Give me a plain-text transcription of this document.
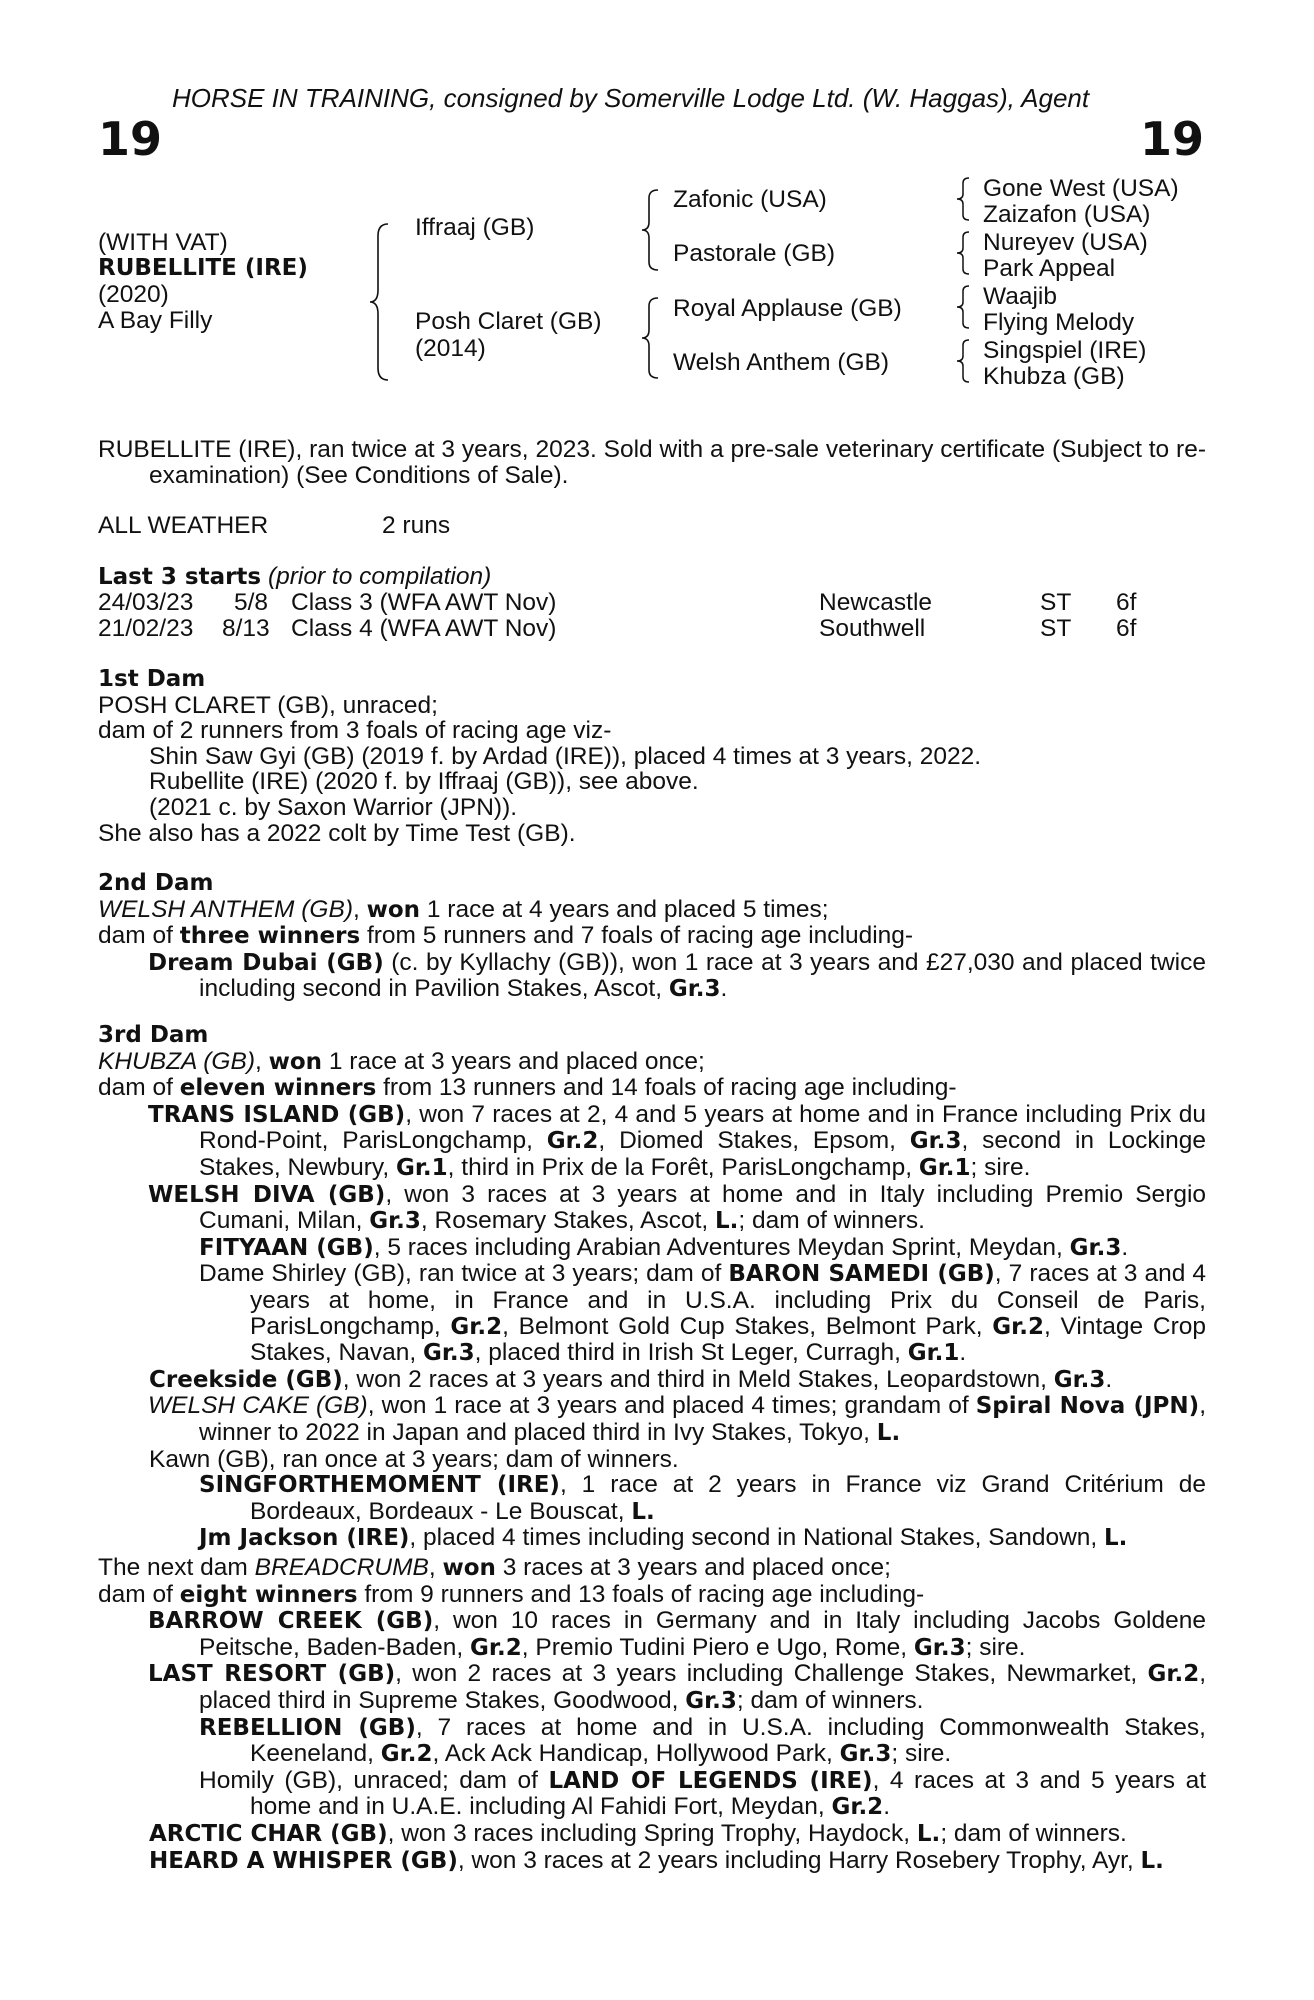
HORSE IN TRAINING, consigned by Somerville Lodge Ltd. (W. Haggas), Agent
19	19
(WITH VAT)
RUBELLITE (IRE)
(2020)
A Bay Filly
Iffraaj (GB)
Posh Claret (GB)
(2014)
Zafonic (USA)
Pastorale (GB)
Royal Applause (GB)
Welsh Anthem (GB)
Gone West (USA)
Zaizafon (USA)
Nureyev (USA)
Park Appeal
Waajib
Flying Melody
Singspiel (IRE)
Khubza (GB)

RUBELLITE (IRE), ran twice at 3 years, 2023. Sold with a pre-sale veterinary certificate (Subject to re-examination) (See Conditions of Sale).

ALL WEATHER	2 runs
Last 3 starts (prior to compilation)
24/03/23 5/8 Class 3 (WFA AWT Nov)	Newcastle	ST 6f
21/02/23 8/13 Class 4 (WFA AWT Nov)	Southwell	ST 6f

1st Dam

POSH CLARET (GB), unraced;

dam of 2 runners from 3 foals of racing age viz-

Shin Saw Gyi (GB) (2019 f. by Ardad (IRE)), placed 4 times at 3 years, 2022.

Rubellite (IRE) (2020 f. by Iffraaj (GB)), see above.

(2021 c. by Saxon Warrior (JPN)).

She also has a 2022 colt by Time Test (GB).

2nd Dam

WELSH ANTHEM (GB), won 1 race at 4 years and placed 5 times;

dam of three winners from 5 runners and 7 foals of racing age including-

Dream Dubai (GB) (c. by Kyllachy (GB)), won 1 race at 3 years and £27,030 and placed twice including second in Pavilion Stakes, Ascot, Gr.3.

3rd Dam

KHUBZA (GB), won 1 race at 3 years and placed once;

dam of eleven winners from 13 runners and 14 foals of racing age including-

TRANS ISLAND (GB), won 7 races at 2, 4 and 5 years at home and in France including Prix du Rond-Point, ParisLongchamp, Gr.2, Diomed Stakes, Epsom, Gr.3, second in Lockinge Stakes, Newbury, Gr.1, third in Prix de la Forêt, ParisLongchamp, Gr.1; sire.

WELSH DIVA (GB), won 3 races at 3 years at home and in Italy including Premio Sergio Cumani, Milan, Gr.3, Rosemary Stakes, Ascot, L.; dam of winners.

FITYAAN (GB), 5 races including Arabian Adventures Meydan Sprint, Meydan, Gr.3.

Dame Shirley (GB), ran twice at 3 years; dam of BARON SAMEDI (GB), 7 races at 3 and 4 years at home, in France and in U.S.A. including Prix du Conseil de Paris, ParisLongchamp, Gr.2, Belmont Gold Cup Stakes, Belmont Park, Gr.2, Vintage Crop Stakes, Navan, Gr.3, placed third in Irish St Leger, Curragh, Gr.1.

Creekside (GB), won 2 races at 3 years and third in Meld Stakes, Leopardstown, Gr.3.

WELSH CAKE (GB), won 1 race at 3 years and placed 4 times; grandam of Spiral Nova (JPN), winner to 2022 in Japan and placed third in Ivy Stakes, Tokyo, L.

Kawn (GB), ran once at 3 years; dam of winners.

SINGFORTHEMOMENT (IRE), 1 race at 2 years in France viz Grand Critérium de Bordeaux, Bordeaux - Le Bouscat, L.

Jm Jackson (IRE), placed 4 times including second in National Stakes, Sandown, L.

The next dam BREADCRUMB, won 3 races at 3 years and placed once;

dam of eight winners from 9 runners and 13 foals of racing age including-

BARROW CREEK (GB), won 10 races in Germany and in Italy including Jacobs Goldene Peitsche, Baden-Baden, Gr.2, Premio Tudini Piero e Ugo, Rome, Gr.3; sire.

LAST RESORT (GB), won 2 races at 3 years including Challenge Stakes, Newmarket, Gr.2, placed third in Supreme Stakes, Goodwood, Gr.3; dam of winners.

REBELLION (GB), 7 races at home and in U.S.A. including Commonwealth Stakes, Keeneland, Gr.2, Ack Ack Handicap, Hollywood Park, Gr.3; sire.

Homily (GB), unraced; dam of LAND OF LEGENDS (IRE), 4 races at 3 and 5 years at home and in U.A.E. including Al Fahidi Fort, Meydan, Gr.2.

ARCTIC CHAR (GB), won 3 races including Spring Trophy, Haydock, L.; dam of winners.

HEARD A WHISPER (GB), won 3 races at 2 years including Harry Rosebery Trophy, Ayr, L.
